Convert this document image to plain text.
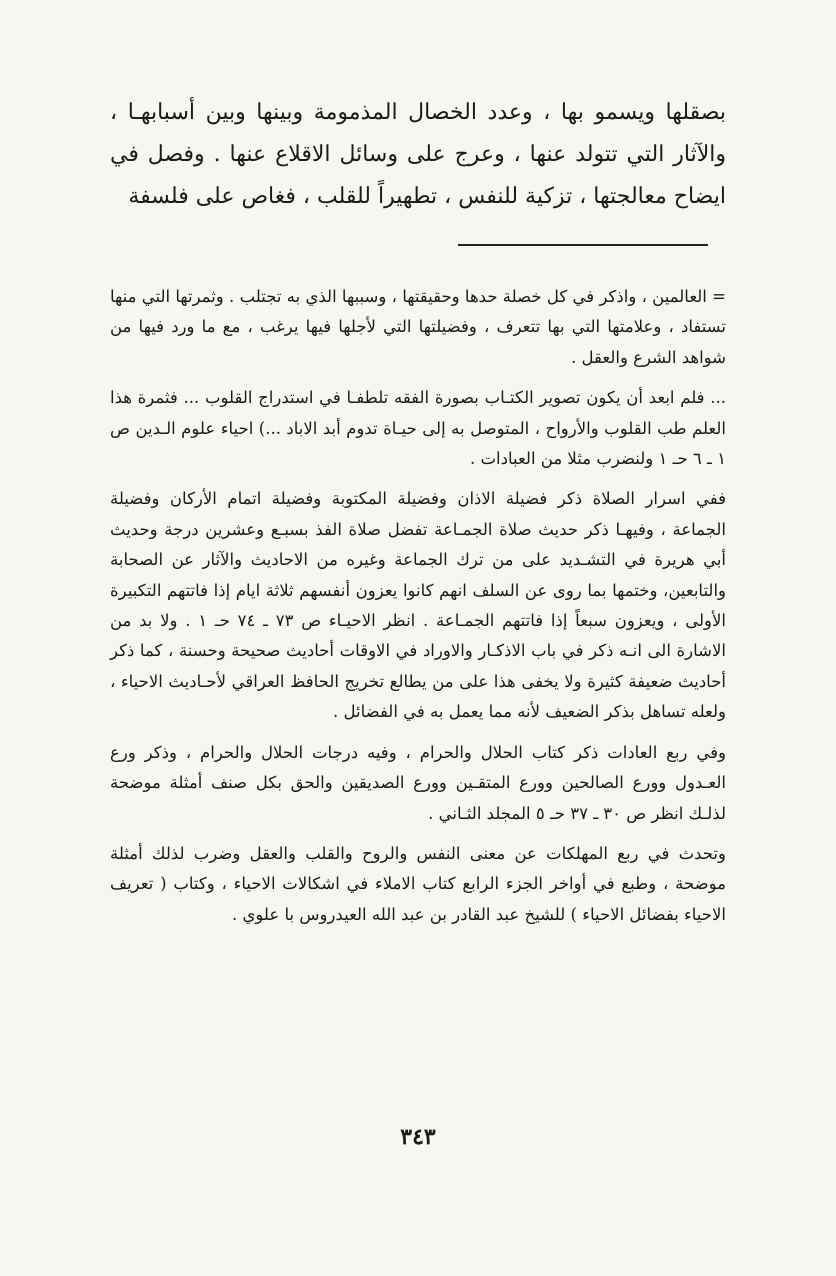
بصقلها ويسمو بها ، وعدد الخصال المذمومة وبينها وبين أسبابهـا ، والآثار التي تتولد عنها ، وعرج على وسائل الاقلاع عنها . وفصل في ايضاح معالجتها ، تزكية للنفس ، تطهيراً للقلب ، فغاص على فلسفة

= العالمين ، واذكر في كل خصلة حدها وحقيقتها ، وسببها الذي به تجتلب . وثمرتها التي منها تستفاد ، وعلامتها التي بها تتعرف ، وفضيلتها التي لأجلها فيها يرغب ، مع ما ورد فيها من شواهد الشرع والعقل .

... فلم ابعد أن يكون تصوير الكتـاب بصورة الفقه تلطفـا في استدراج القلوب ... فثمرة هذا العلم طب القلوب والأرواح ، المتوصل به إلى حيـاة تدوم أبد الاباد ...) احياء علوم الـدين ص ١ ـ ٦ حـ ١ ولنضرب مثلا من العبادات .

ففي اسرار الصلاة ذكر فضيلة الاذان وفضيلة المكتوبة وفضيلة اتمام الأركان وفضيلة الجماعة ، وفيهـا ذكر حديث صلاة الجمـاعة تفضل صلاة الفذ بسبـع وعشرين درجة وحديث أبي هريرة في التشـديد على من ترك الجماعة وغيره من الاحاديث والآثار عن الصحابة والتابعين، وختمها بما روى عن السلف انهم كانوا يعزون أنفسهم ثلاثة ايام إذا فاتتهم التكبيرة الأولى ، ويعزون سبعاً إذا فاتتهم الجمـاعة . انظر الاحيـاء ص ٧٣ ـ ٧٤ حـ ١ . ولا بد من الاشارة الى انـه ذكر في باب الاذكـار والاوراد في الاوقات أحاديث صحيحة وحسنة ، كما ذكر أحاديث ضعيفة كثيرة ولا يخفى هذا على من يطالع تخريج الحافظ العراقي لأحـاديث الاحياء ، ولعله تساهل بذكر الضعيف لأنه مما يعمل به في الفضائل .

وفي ربع العادات ذكر كتاب الحلال والحرام ، وفيه درجات الحلال والحرام ، وذكر ورع العـدول وورع الصالحين وورع المتقـين وورع الصديقين والحق بكل صنف أمثلة موضحة لذلـك انظر ص ٣٠ ـ ٣٧ حـ ٥ المجلد الثـاني .

وتحدث في ربع المهلكات عن معنى النفس والروح والقلب والعقل وضرب لذلك أمثلة موضحة ، وطبع في أواخر الجزء الرابع كتاب الاملاء في اشكالات الاحياء ، وكتاب ( تعريف الاحياء بفضائل الاحياء ) للشيخ عبد القادر بن عبد الله العيدروس با علوي .

٣٤٣
